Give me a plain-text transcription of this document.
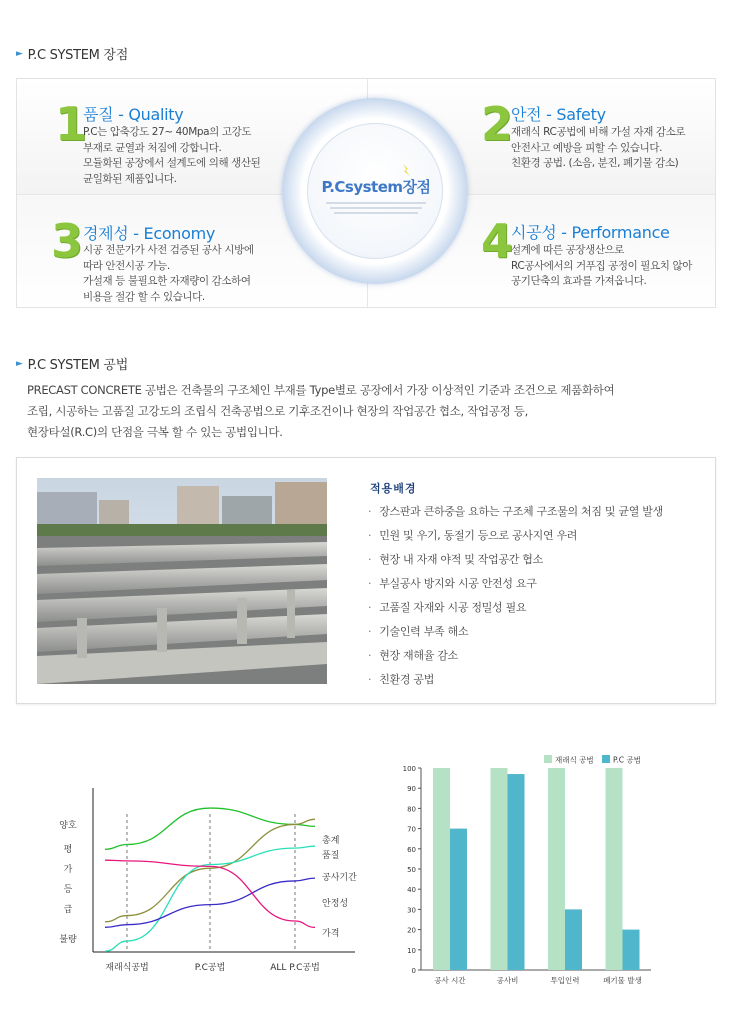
► P.C SYSTEM 장점
1
품질 - Quality
P.C는 압축강도 27~ 40Mpa의 고강도
부재로 균열과 처짐에 강합니다.
모듈화된 공장에서 설계도에 의해 생산된
균일화된 제품입니다.
2
안전 - Safety
재래식 RC공법에 비해 가설 자재 감소로
안전사고 예방을 피할 수 있습니다.
친환경 공법. (소음, 분진, 폐기물 감소)
3 경제성 - Economy
시공 전문가가 사전 검증된 공사 시방에
따라 안전시공 가능.
가설재 등 불필요한 자재량이 감소하여
비용을 절감 할 수 있습니다.
4
시공성 - Performance
설계에 따른 공장생산으로
RC공사에서의 거푸집 공정이 필요치 않아
공기단축의 효과를 가져옵니다.
P.Csystem장점
► P.C SYSTEM 공법
PRECAST CONCRETE 공법은 건축물의 구조체인 부재를 Type별로 공장에서 가장 이상적인 기준과 조건으로 제품화하여
조립, 시공하는 고품질 고강도의 조립식 건축공법으로 기후조건이나 현장의 작업공간 협소, 작업공정 등,
현장타설(R.C)의 단점을 극복 할 수 있는 공법입니다.
적용배경
· 장스판과 큰하중을 요하는 구조체 구조물의 처짐 및 균열 발생
· 민원 및 우기, 동절기 등으로 공사지연 우려
· 현장 내 자재 야적 및 작업공간 협소
· 부실공사 방지와 시공 안전성 요구
· 고품질 자재와 시공 정밀성 필요
· 기술인력 부족 해소
· 현장 재해율 감소
· 친환경 공법
재래식공법	P.C공법	ALL P.C공법
양호
평
가
등
급
불량
총계
품질
공사기간
안정성
가격
0
10
20
30
40
50
60
70
80
90
100
공사 시간	공사비	투입인력	폐기물 발생
재래식 공법	P.C 공법
